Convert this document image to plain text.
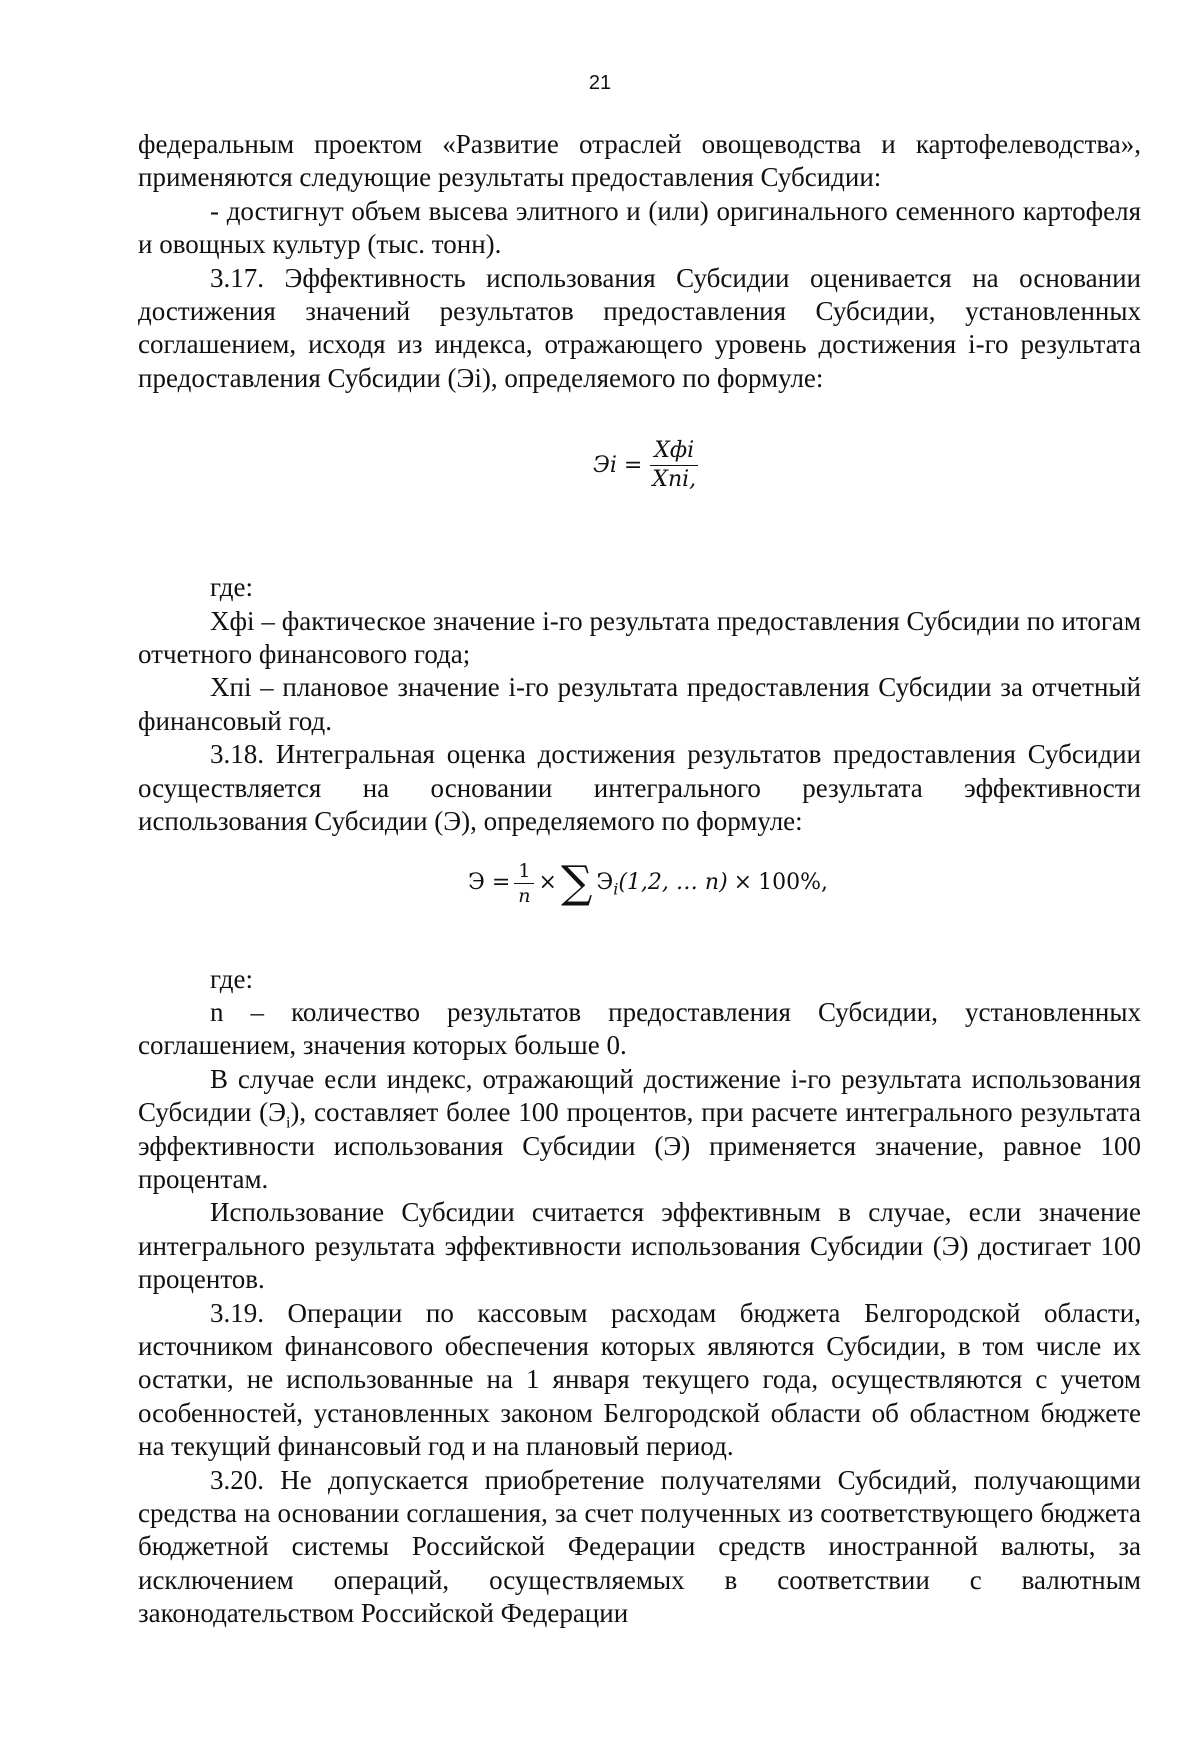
21

федеральным проектом «Развитие отраслей овощеводства и картофелеводства», применяются следующие результаты предоставления Субсидии:

- достигнут объем высева элитного и (или) оригинального семенного картофеля и овощных культур (тыс. тонн).

3.17. Эффективность использования Субсидии оценивается на основании достижения значений результатов предоставления Субсидии, установленных соглашением, исходя из индекса, отражающего уровень достижения i-го результата предоставления Субсидии (Эi), определяемого по формуле:

Эi = $\frac{\text{Хфi}}{\text{Хпi,}}$

где:

Хфi – фактическое значение i-го результата предоставления Субсидии по итогам отчетного финансового года;

Хпi – плановое значение i-го результата предоставления Субсидии за отчетный финансовый год.

3.18. Интегральная оценка достижения результатов предоставления Субсидии осуществляется на основании интегрального результата эффективности использования Субсидии (Э), определяемого по формуле:

$Э = \frac{1}{n}$ × ∑ $Э_i$ (1,2, … n) × 100%,

где:

n – количество результатов предоставления Субсидии, установленных соглашением, значения которых больше 0.

В случае если индекс, отражающий достижение i-го результата использования Субсидии $(Э_i)$, составляет более 100 процентов, при расчете интегрального результата эффективности использования Субсидии (Э) применяется значение, равное 100 процентам.

Использование Субсидии считается эффективным в случае, если значение интегрального результата эффективности использования Субсидии (Э) достигает 100 процентов.

3.19. Операции по кассовым расходам бюджета Белгородской области, источником финансового обеспечения которых являются Субсидии, в том числе их остатки, не использованные на 1 января текущего года, осуществляются с учетом особенностей, установленных законом Белгородской области об областном бюджете на текущий финансовый год и на плановый период.

3.20. Не допускается приобретение получателями Субсидий, получающими средства на основании соглашения, за счет полученных из соответствующего бюджета бюджетной системы Российской Федерации средств иностранной валюты, за исключением операций, осуществляемых в соответствии с валютным законодательством Российской Федерации
